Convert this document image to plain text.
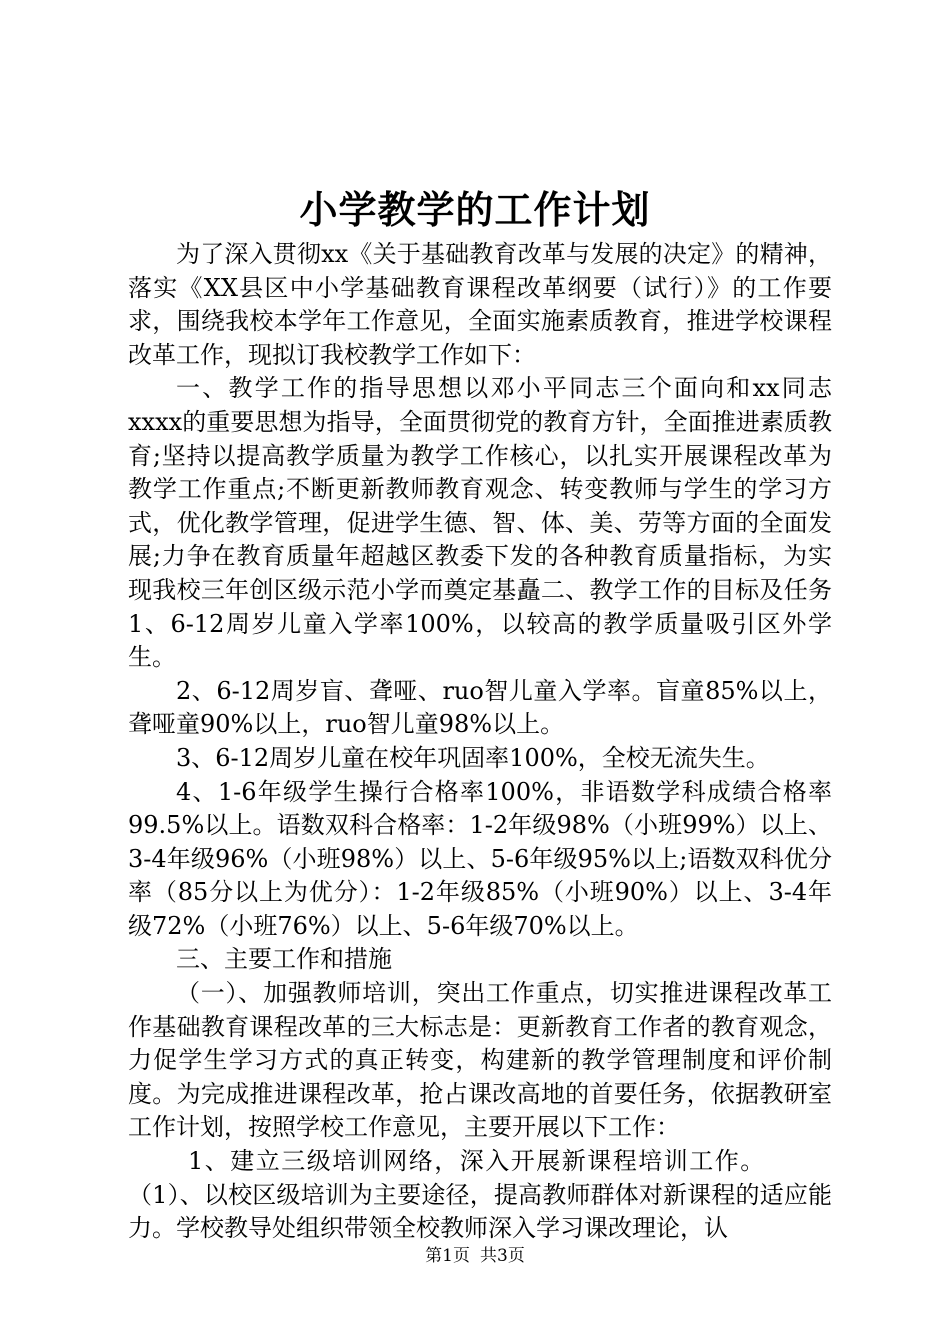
小学教学的工作计划

为了深入贯彻xx《关于基础教育改革与发展的决定》的精神，落实《XX县区中小学基础教育课程改革纲要（试行）》的工作要求，围绕我校本学年工作意见，全面实施素质教育，推进学校课程改革工作，现拟订我校教学工作如下：

一、教学工作的指导思想以邓小平同志三个面向和xx同志xxxx的重要思想为指导，全面贯彻党的教育方针，全面推进素质教育;坚持以提高教学质量为教学工作核心，以扎实开展课程改革为教学工作重点;不断更新教师教育观念、转变教师与学生的学习方式，优化教学管理，促进学生德、智、体、美、劳等方面的全面发展;力争在教育质量年超越区教委下发的各种教育质量指标，为实现我校三年创区级示范小学而奠定基矗二、教学工作的目标及任务1、6-12周岁儿童入学率100%，以较高的教学质量吸引区外学生。

2、6-12周岁盲、聋哑、ruo智儿童入学率。盲童85%以上，聋哑童90%以上，ruo智儿童98%以上。

3、6-12周岁儿童在校年巩固率100%，全校无流失生。

4、1-6年级学生操行合格率100%，非语数学科成绩合格率99.5%以上。语数双科合格率：1-2年级98%（小班99%）以上、3-4年级96%（小班98%）以上、5-6年级95%以上;语数双科优分率（85分以上为优分）：1-2年级85%（小班90%）以上、3-4年级72%（小班76%）以上、5-6年级70%以上。

三、主要工作和措施

（一）、加强教师培训，突出工作重点，切实推进课程改革工作基础教育课程改革的三大标志是：更新教育工作者的教育观念，力促学生学习方式的真正转变，构建新的教学管理制度和评价制度。为完成推进课程改革，抢占课改高地的首要任务，依据教研室工作计划，按照学校工作意见，主要开展以下工作：

1、建立三级培训网络，深入开展新课程培训工作。

（1）、以校区级培训为主要途径，提高教师群体对新课程的适应能力。学校教导处组织带领全校教师深入学习课改理论，认

第1页 共3页
